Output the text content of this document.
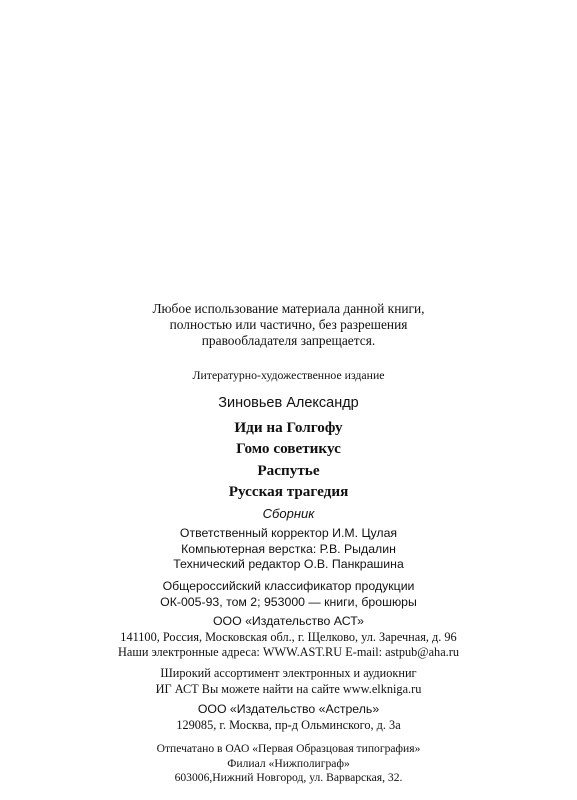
Любое использование материала данной книги,
полностью или частично, без разрешения
правообладателя запрещается.
Литературно-художественное издание
Зиновьев Александр
Иди на Голгофу
Гомо советикус
Распутье
Русская трагедия
Сборник
Ответственный корректор И.М. Цулая
Компьютерная верстка: Р.В. Рыдалин
Технический редактор О.В. Панкрашина
Общероссийский классификатор продукции
ОК-005-93, том 2; 953000 — книги, брошюры
ООО «Издательство АСТ»
141100, Россия, Московская обл., г. Щелково, ул. Заречная, д. 96
Наши электронные адреса: WWW.AST.RU E-mail: astpub@aha.ru
Широкий ассортимент электронных и аудиокниг
ИГ АСТ Вы можете найти на сайте www.elkniga.ru
ООО «Издательство «Астрель»
129085, г. Москва, пр-д Ольминского, д. 3а
Отпечатано в ОАО «Первая Образцовая типография»
Филиал «Нижполиграф»
603006,Нижний Новгород, ул. Варварская, 32.
